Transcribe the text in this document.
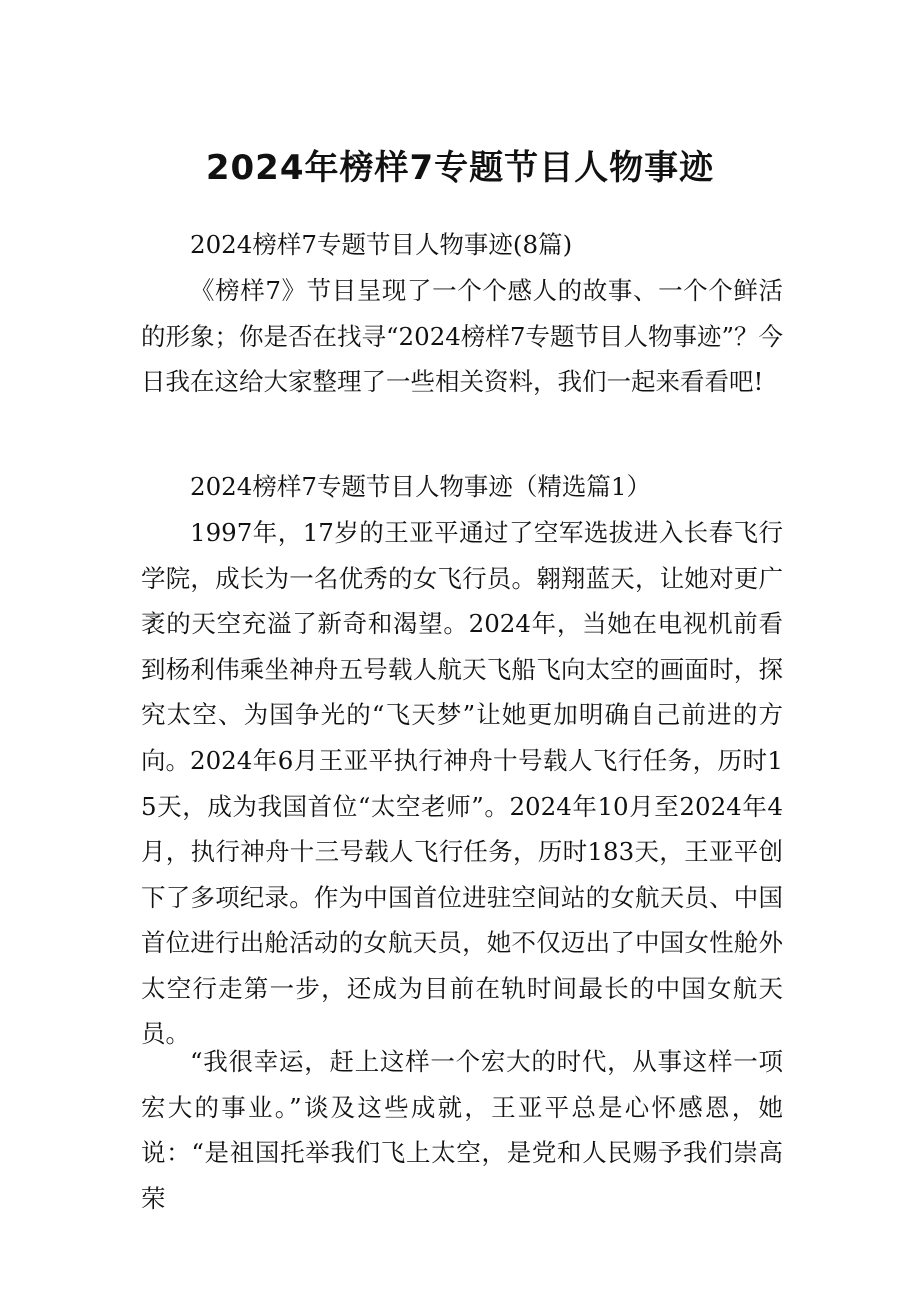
2024年榜样7专题节目人物事迹

2024榜样7专题节目人物事迹(8篇)

《榜样7》节目呈现了一个个感人的故事、一个个鲜活的形象；你是否在找寻“2024榜样7专题节目人物事迹”？今日我在这给大家整理了一些相关资料，我们一起来看看吧!

2024榜样7专题节目人物事迹（精选篇1）

1997年，17岁的王亚平通过了空军选拔进入长春飞行学院，成长为一名优秀的女飞行员。翱翔蓝天，让她对更广袤的天空充溢了新奇和渴望。2024年，当她在电视机前看到杨利伟乘坐神舟五号载人航天飞船飞向太空的画面时，探究太空、为国争光的“飞天梦”让她更加明确自己前进的方向。 2024年6月王亚平执行神舟十号载人飞行任务，历时15天，成为我国首位“太空老师”。2024年10月至2024年4月，执行神舟十三号载人飞行任务，历时183天，王亚平创下了多项纪录。作为中国首位进驻空间站的女航天员、中国首位进行出舱活动的女航天员，她不仅迈出了中国女性舱外太空行走第一步，还成为目前在轨时间最长的中国女航天员。

“我很幸运，赶上这样一个宏大的时代，从事这样一项宏大的事业。”谈及这些成就，王亚平总是心怀感恩，她说：“是祖国托举我们飞上太空，是党和人民赐予我们崇高荣
